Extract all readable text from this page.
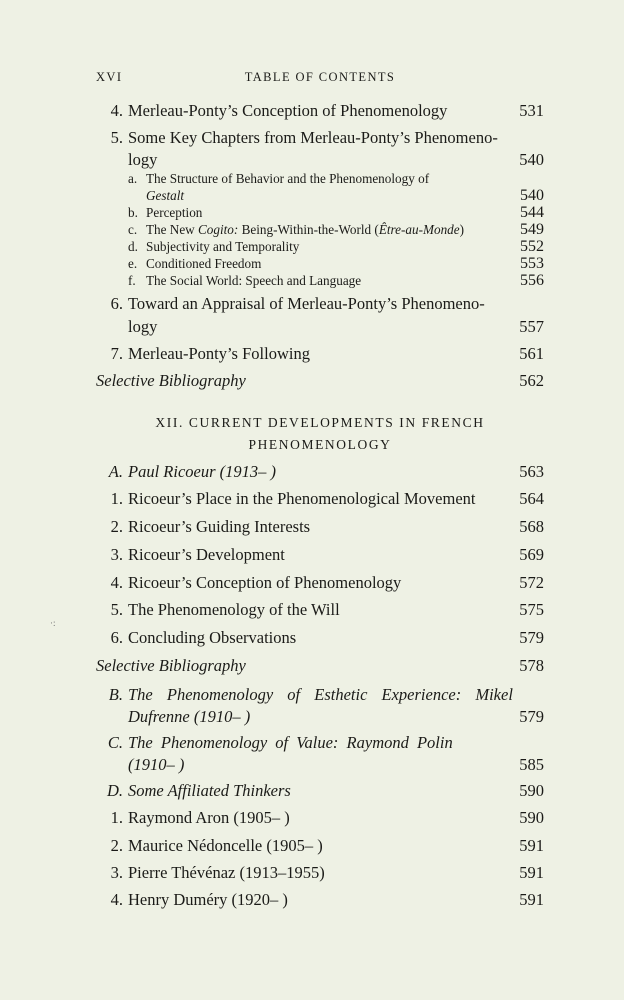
XVI	TABLE OF CONTENTS
4. Merleau-Ponty’s Conception of Phenomenology	531
5. Some Key Chapters from Merleau-Ponty’s Phenomeno-
logy	540
a. The Structure of Behavior and the Phenomenology of
Gestalt	540
b. Perception	544
c. The New Cogito: Being-Within-the-World (Être-au-Monde)	549
d. Subjectivity and Temporality	552
e. Conditioned Freedom	553
f. The Social World: Speech and Language	556
6. Toward an Appraisal of Merleau-Ponty’s Phenomeno-
logy	557
7. Merleau-Ponty’s Following	561
Selective Bibliography	562
XII. CURRENT DEVELOPMENTS IN FRENCH
PHENOMENOLOGY
A. Paul Ricoeur (1913– )	563
1. Ricoeur’s Place in the Phenomenological Movement	564
2. Ricoeur’s Guiding Interests	568
3. Ricoeur’s Development	569
4. Ricoeur’s Conception of Phenomenology	572
5. The Phenomenology of the Will	575
6. Concluding Observations	579
Selective Bibliography	578
B. The Phenomenology of Esthetic Experience: Mikel
Dufrenne (1910– )	579
C. The Phenomenology of Value: Raymond Polin
(1910– )	585
D. Some Affiliated Thinkers	590
1. Raymond Aron (1905– )	590
2. Maurice Nédoncelle (1905– )	591
3. Pierre Thévénaz (1913–1955)	591
4. Henry Duméry (1920– )	591
·:
